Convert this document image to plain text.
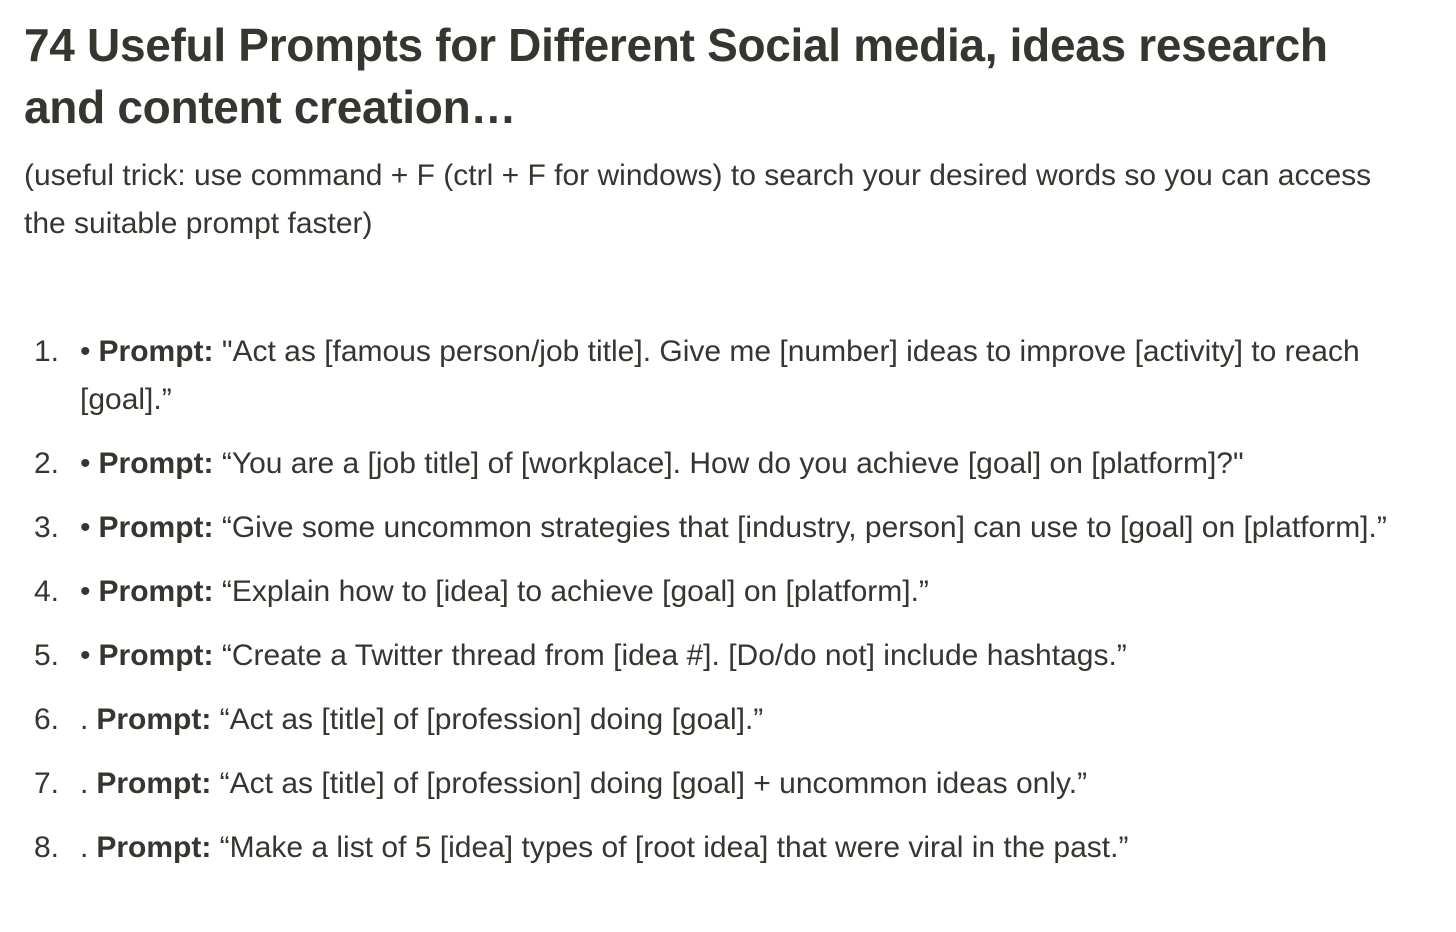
74 Useful Prompts for Different Social media, ideas research and content creation…

(useful trick: use command + F (ctrl + F for windows) to search your desired words so you can access the suitable prompt faster)

1. • Prompt: "Act as [famous person/job title]. Give me [number] ideas to improve [activity] to reach [goal].”
2. • Prompt: “You are a [job title] of [workplace]. How do you achieve [goal] on [platform]?"
3. • Prompt: “Give some uncommon strategies that [industry, person] can use to [goal] on [platform].”
4. • Prompt: “Explain how to [idea] to achieve [goal] on [platform].”
5. • Prompt: “Create a Twitter thread from [idea #]. [Do/do not] include hashtags.”
6. . Prompt: “Act as [title] of [profession] doing [goal].”
7. . Prompt: “Act as [title] of [profession] doing [goal] + uncommon ideas only.”
8. . Prompt: “Make a list of 5 [idea] types of [root idea] that were viral in the past.”
